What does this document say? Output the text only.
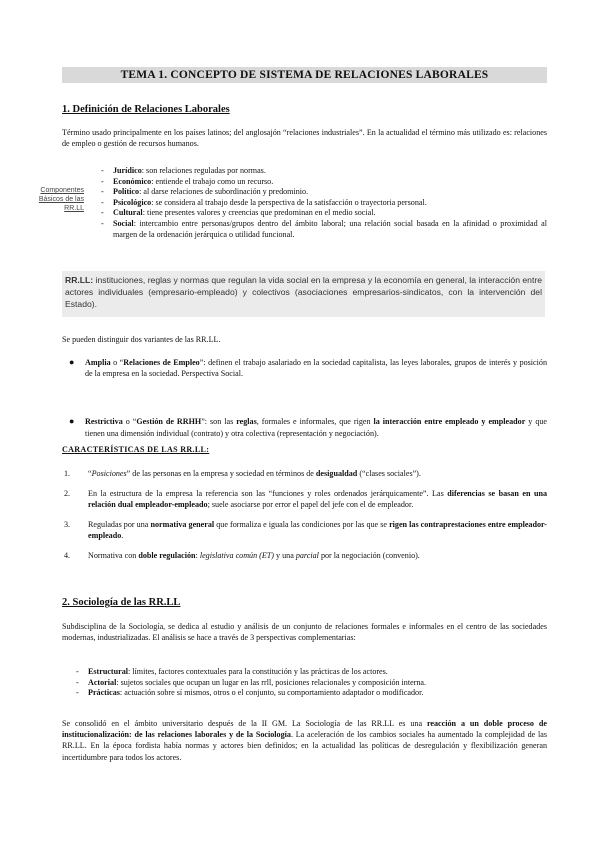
TEMA 1. CONCEPTO DE SISTEMA DE RELACIONES LABORALES
1. Definición de Relaciones Laborales
Término usado principalmente en los países latinos; del anglosajón “relaciones industriales”. En la actualidad el término más utilizado es: relaciones de empleo o gestión de recursos humanos.
Componentes Básicos de las RR.LL
- Jurídico: son relaciones reguladas por normas.
- Económico: entiende el trabajo como un recurso.
- Político: al darse relaciones de subordinación y predominio.
- Psicológico: se considera al trabajo desde la perspectiva de la satisfacción o trayectoria personal.
- Cultural: tiene presentes valores y creencias que predominan en el medio social.
- Social: intercambio entre personas/grupos dentro del ámbito laboral; una relación social basada en la afinidad o proximidad al margen de la ordenación jerárquica o utilidad funcional.
RR.LL: instituciones, reglas y normas que regulan la vida social en la empresa y la economía en general, la interacción entre actores individuales (empresario-empleado) y colectivos (asociaciones empresarios-sindicatos, con la intervención del Estado).
Se pueden distinguir dos variantes de las RR.LL.
● Amplia o “Relaciones de Empleo”: definen el trabajo asalariado en la sociedad capitalista, las leyes laborales, grupos de interés y posición de la empresa en la sociedad. Perspectiva Social.
● Restrictiva o “Gestión de RRHH”: son las reglas, formales e informales, que rigen la interacción entre empleado y empleador y que tienen una dimensión individual (contrato) y otra colectiva (representación y negociación).
CARACTERÍSTICAS DE LAS RR.LL:
1. “Posiciones” de las personas en la empresa y sociedad en términos de desigualdad (“clases sociales”).
2. En la estructura de la empresa la referencia son las “funciones y roles ordenados jerárquicamente”. Las diferencias se basan en una relación dual empleador-empleado; suele asociarse por error el papel del jefe con el de empleador.
3. Reguladas por una normativa general que formaliza e iguala las condiciones por las que se rigen las contraprestaciones entre empleador-empleado.
4. Normativa con doble regulación: legislativa común (ET) y una parcial por la negociación (convenio).
2. Sociología de las RR.LL
Subdisciplina de la Sociología, se dedica al estudio y análisis de un conjunto de relaciones formales e informales en el centro de las sociedades modernas, industrializadas. El análisis se hace a través de 3 perspectivas complementarias:
- Estructural: límites, factores contextuales para la constitución y las prácticas de los actores.
- Actorial: sujetos sociales que ocupan un lugar en las rrll, posiciones relacionales y composición interna.
- Prácticas: actuación sobre sí mismos, otros o el conjunto, su comportamiento adaptador o modificador.
Se consolidó en el ámbito universitario después de la II GM. La Sociología de las RR.LL es una reacción a un doble proceso de institucionalización: de las relaciones laborales y de la Sociología. La aceleración de los cambios sociales ha aumentado la complejidad de las RR.LL. En la época fordista había normas y actores bien definidos; en la actualidad las políticas de desregulación y flexibilización generan incertidumbre para todos los actores.
